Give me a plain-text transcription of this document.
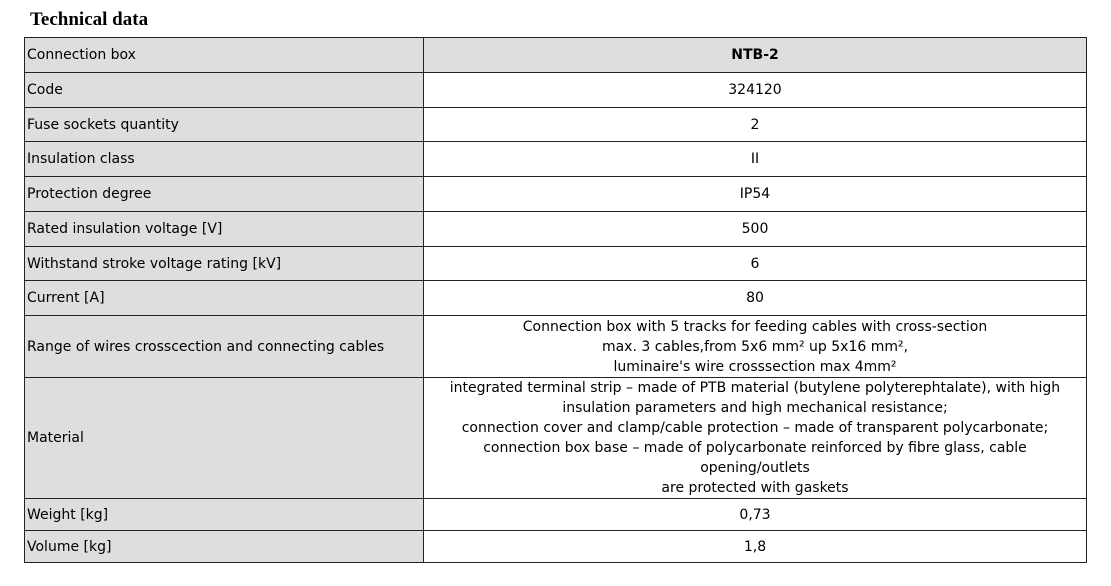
Technical data
Connection box	NTB-2

Code	324120

Fuse sockets quantity	2

Insulation class	II

Protection degree	IP54

Rated insulation voltage [V]	500

Withstand stroke voltage rating [kV]	6

Current [A]	80

Range of wires crosscection and connecting cables	Connection box with 5 tracks for feeding cables with cross-section
max. 3 cables,from 5x6 mm² up 5x16 mm²,
luminaire's wire crosssection max 4mm²

Material	integrated terminal strip – made of PTB material (butylene polyterephtalate), with high
insulation parameters and high mechanical resistance;
connection cover and clamp/cable protection – made of transparent polycarbonate;
connection box base – made of polycarbonate reinforced by fibre glass, cable opening/outlets
are protected with gaskets

Weight [kg]	0,73

Volume [kg]	1,8
